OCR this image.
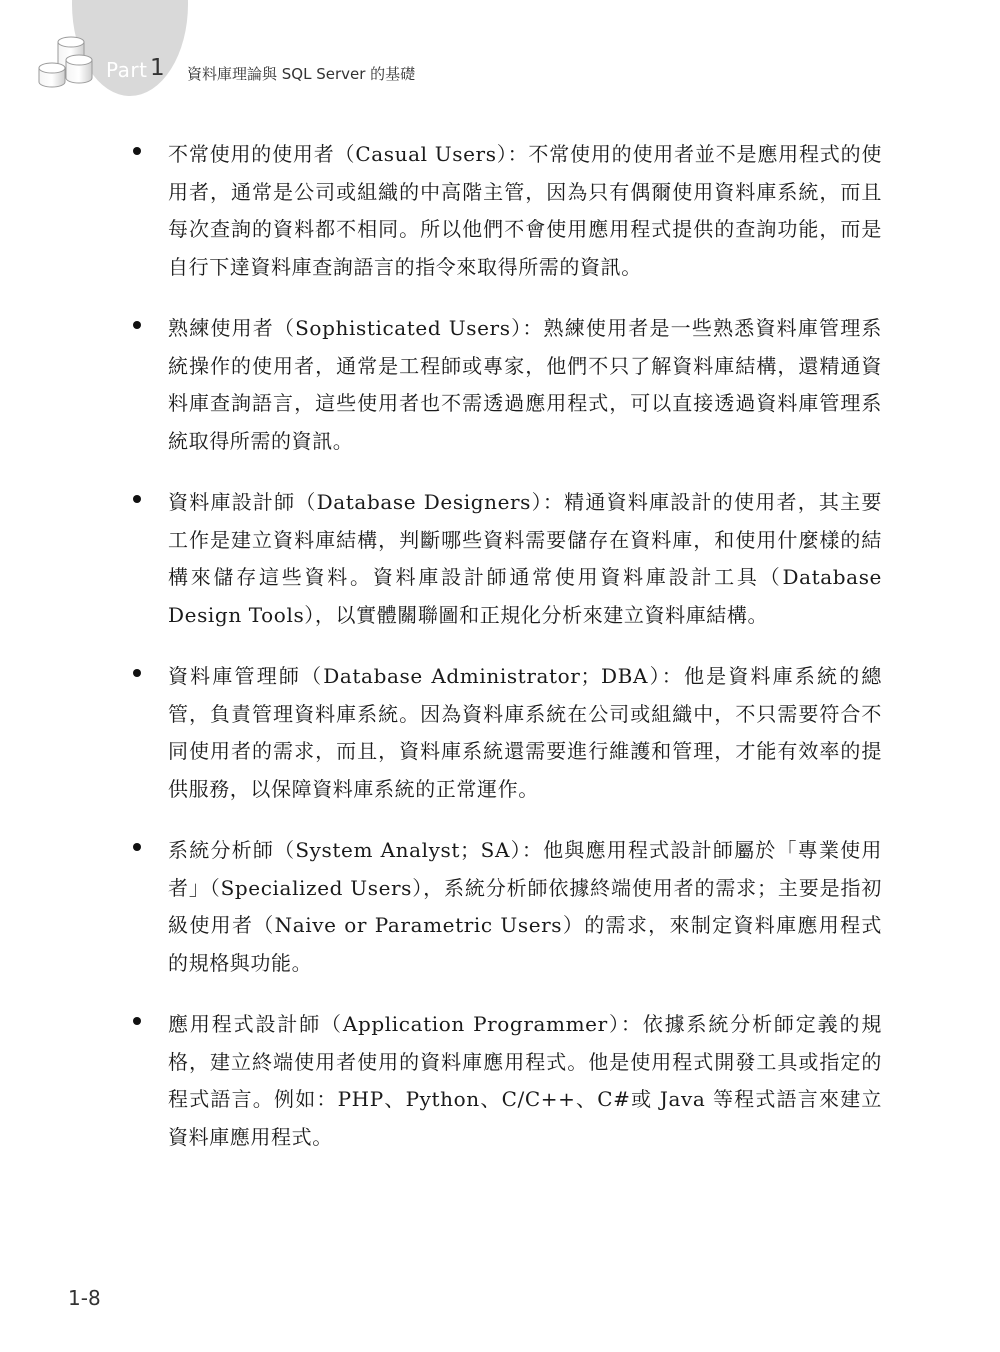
Part 1 資料庫理論與 SQL Server 的基礎
不常使用的使用者（Casual Users）：不常使用的使用者並不是應用程式的使用者，通常是公司或組織的中高階主管，因為只有偶爾使用資料庫系統，而且每次查詢的資料都不相同。所以他們不會使用應用程式提供的查詢功能，而是自行下達資料庫查詢語言的指令來取得所需的資訊。
熟練使用者（Sophisticated Users）：熟練使用者是一些熟悉資料庫管理系統操作的使用者，通常是工程師或專家，他們不只了解資料庫結構，還精通資料庫查詢語言，這些使用者也不需透過應用程式，可以直接透過資料庫管理系統取得所需的資訊。
資料庫設計師（Database Designers）：精通資料庫設計的使用者，其主要工作是建立資料庫結構，判斷哪些資料需要儲存在資料庫，和使用什麼樣的結構來儲存這些資料。資料庫設計師通常使用資料庫設計工具（Database Design Tools），以實體關聯圖和正規化分析來建立資料庫結構。
資料庫管理師（Database Administrator；DBA）：他是資料庫系統的總管，負責管理資料庫系統。因為資料庫系統在公司或組織中，不只需要符合不同使用者的需求，而且，資料庫系統還需要進行維護和管理，才能有效率的提供服務，以保障資料庫系統的正常運作。
系統分析師（System Analyst；SA）：他與應用程式設計師屬於「專業使用者」（Specialized Users），系統分析師依據終端使用者的需求；主要是指初級使用者（Naive or Parametric Users）的需求，來制定資料庫應用程式的規格與功能。
應用程式設計師（Application Programmer）：依據系統分析師定義的規格，建立終端使用者使用的資料庫應用程式。他是使用程式開發工具或指定的程式語言。例如：PHP、Python、C/C++、C#或 Java 等程式語言來建立資料庫應用程式。
1-8
